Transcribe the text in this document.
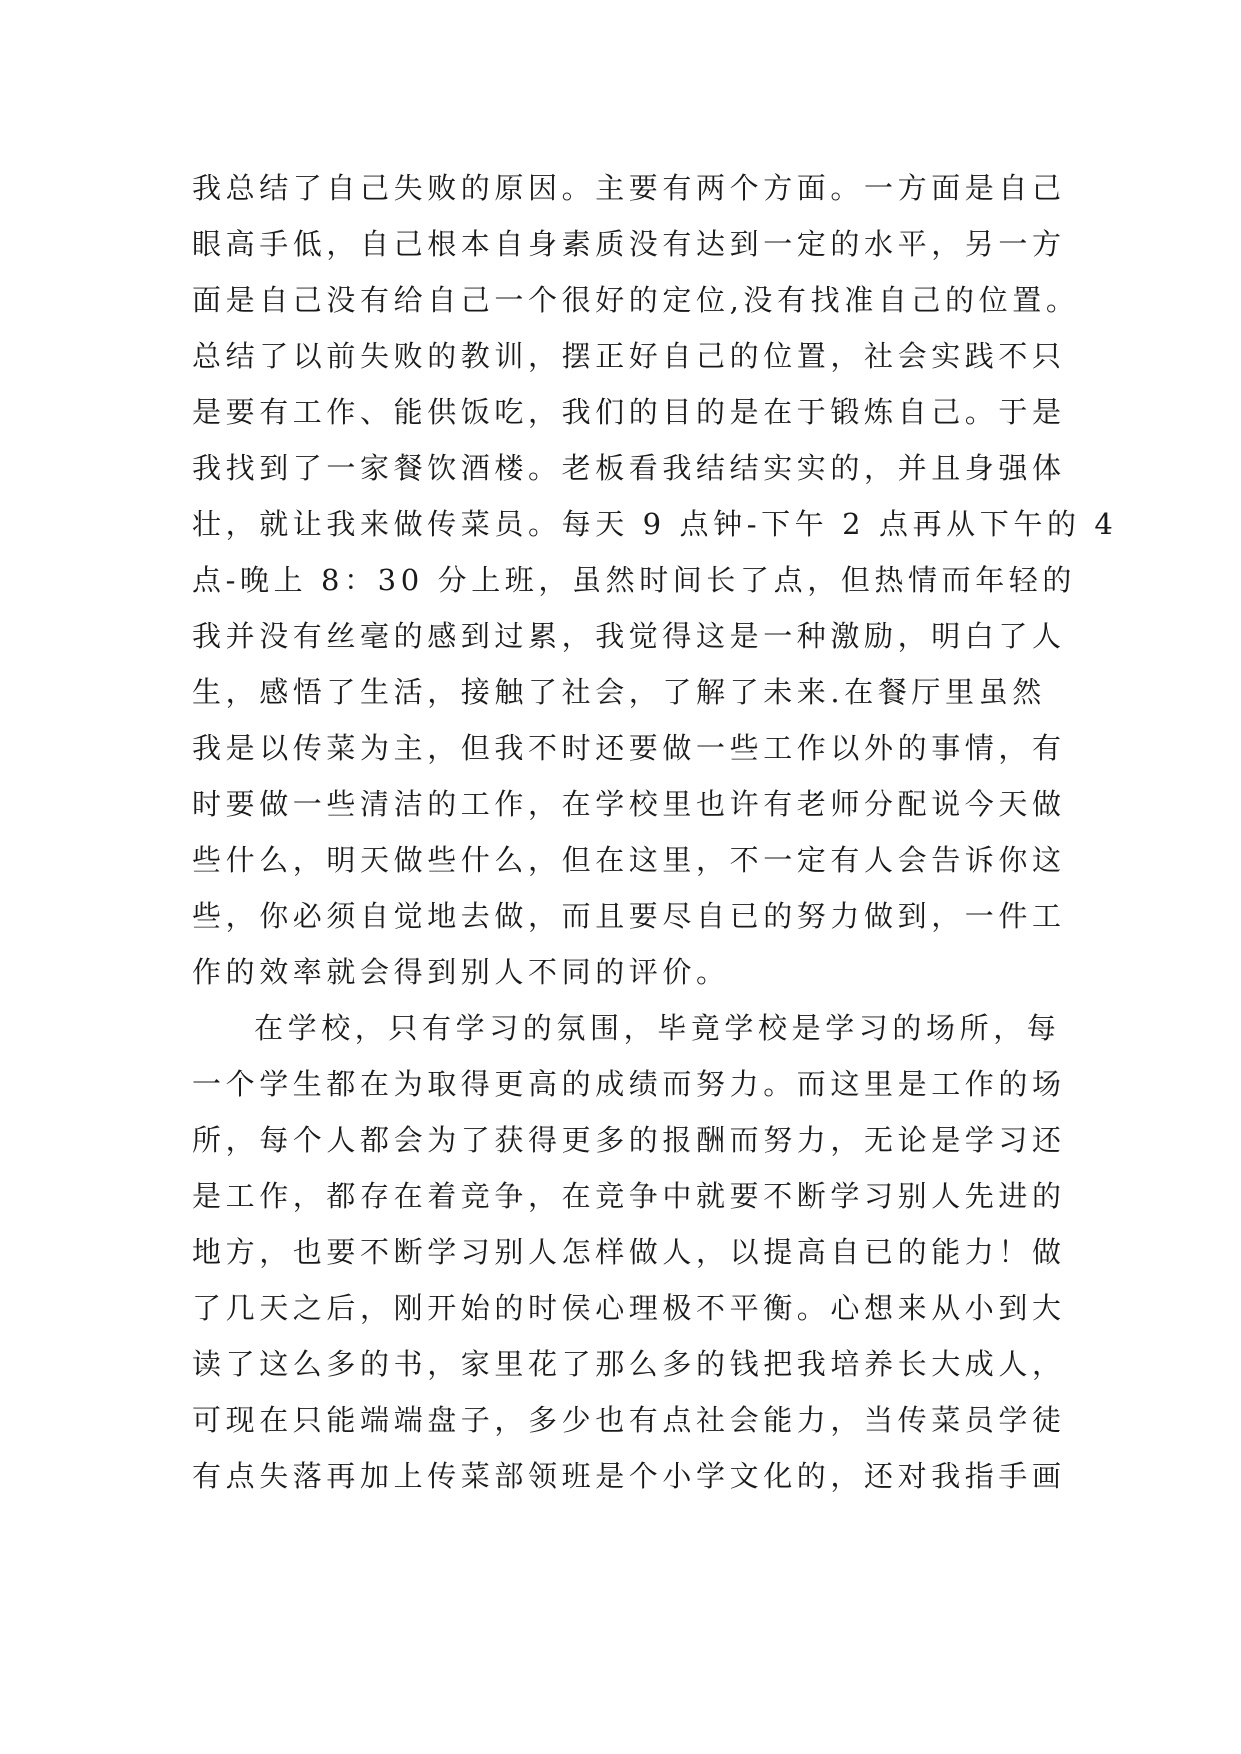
我总结了自己失败的原因。主要有两个方面。一方面是自己
眼高手低，自己根本自身素质没有达到一定的水平，另一方
面是自己没有给自己一个很好的定位,没有找准自己的位置。
总结了以前失败的教训，摆正好自己的位置，社会实践不只
是要有工作、能供饭吃，我们的目的是在于锻炼自己。于是
我找到了一家餐饮酒楼。老板看我结结实实的，并且身强体
壮，就让我来做传菜员。每天 9 点钟-下午 2 点再从下午的 4
点-晚上 8：30 分上班，虽然时间长了点，但热情而年轻的
我并没有丝毫的感到过累，我觉得这是一种激励，明白了人
生，感悟了生活，接触了社会，了解了未来.在餐厅里虽然
我是以传菜为主，但我不时还要做一些工作以外的事情，有
时要做一些清洁的工作，在学校里也许有老师分配说今天做
些什么，明天做些什么，但在这里，不一定有人会告诉你这
些，你必须自觉地去做，而且要尽自已的努力做到，一件工
作的效率就会得到别人不同的评价。
在学校，只有学习的氛围，毕竟学校是学习的场所，每
一个学生都在为取得更高的成绩而努力。而这里是工作的场
所，每个人都会为了获得更多的报酬而努力，无论是学习还
是工作，都存在着竞争，在竞争中就要不断学习别人先进的
地方，也要不断学习别人怎样做人，以提高自已的能力！做
了几天之后，刚开始的时侯心理极不平衡。心想来从小到大
读了这么多的书，家里花了那么多的钱把我培养长大成人，
可现在只能端端盘子，多少也有点社会能力，当传菜员学徒
有点失落再加上传菜部领班是个小学文化的，还对我指手画
